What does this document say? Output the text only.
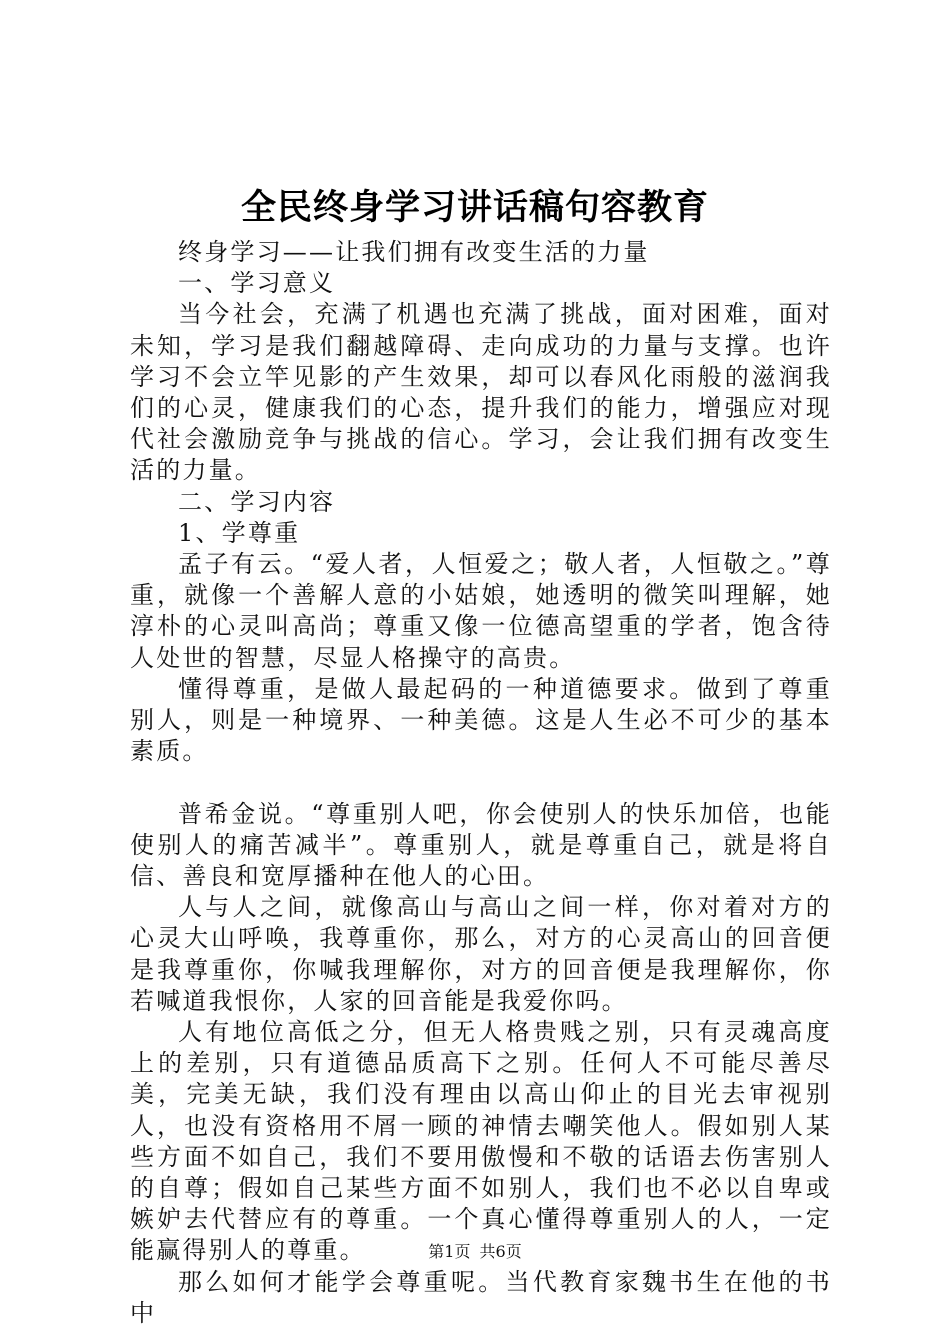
全民终身学习讲话稿句容教育

终身学习——让我们拥有改变生活的力量

一、学习意义

当今社会，充满了机遇也充满了挑战，面对困难，面对未知，学习是我们翻越障碍、走向成功的力量与支撑。也许学习不会立竿见影的产生效果，却可以春风化雨般的滋润我们的心灵，健康我们的心态，提升我们的能力，增强应对现代社会激励竞争与挑战的信心。学习，会让我们拥有改变生活的力量。

二、学习内容

1、学尊重

孟子有云。“爱人者，人恒爱之；敬人者，人恒敬之。”尊重，就像一个善解人意的小姑娘，她透明的微笑叫理解，她淳朴的心灵叫高尚；尊重又像一位德高望重的学者，饱含待人处世的智慧，尽显人格操守的高贵。

懂得尊重，是做人最起码的一种道德要求。做到了尊重别人，则是一种境界、一种美德。这是人生必不可少的基本素质。

普希金说。“尊重别人吧，你会使别人的快乐加倍，也能使别人的痛苦减半”。尊重别人，就是尊重自己，就是将自信、善良和宽厚播种在他人的心田。

人与人之间，就像高山与高山之间一样，你对着对方的心灵大山呼唤，我尊重你，那么，对方的心灵高山的回音便是我尊重你，你喊我理解你，对方的回音便是我理解你，你若喊道我恨你，人家的回音能是我爱你吗。

人有地位高低之分，但无人格贵贱之别，只有灵魂高度上的差别，只有道德品质高下之别。任何人不可能尽善尽美，完美无缺，我们没有理由以高山仰止的目光去审视别人，也没有资格用不屑一顾的神情去嘲笑他人。假如别人某些方面不如自己，我们不要用傲慢和不敬的话语去伤害别人的自尊；假如自己某些方面不如别人，我们也不必以自卑或嫉妒去代替应有的尊重。一个真心懂得尊重别人的人，一定能赢得别人的尊重。

那么如何才能学会尊重呢。当代教育家魏书生在他的书中

第1页 共6页
